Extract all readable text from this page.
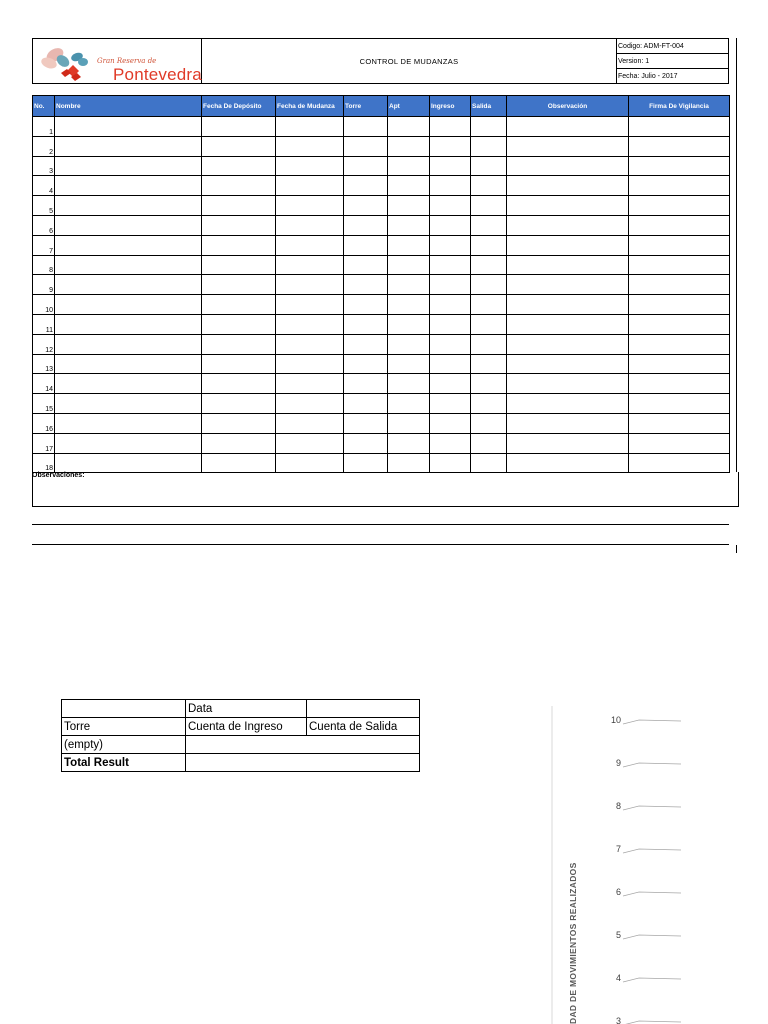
Gran Reserva de
Pontevedra
	CONTROL DE MUDANZAS	Codigo: ADM-FT-004
Version: 1
Fecha: Julio - 2017
No.	Nombre	Fecha De Depósito	Fecha de Mudanza	Torre	Apt	Ingreso	Salida	Observación	Firma De Vigilancia
1									
2									
3									
4									
5									
6									
7									
8									
9									
10									
11									
12									
13									
14									
15									
16									
17									
18									
Observaciones:
	Data	
Torre	Cuenta de Ingreso	Cuenta de Salida
(empty)		
Total Result		
10
9
8
7
6
5
4
3
DAD DE MOVIMIENTOS REALIZADOS
